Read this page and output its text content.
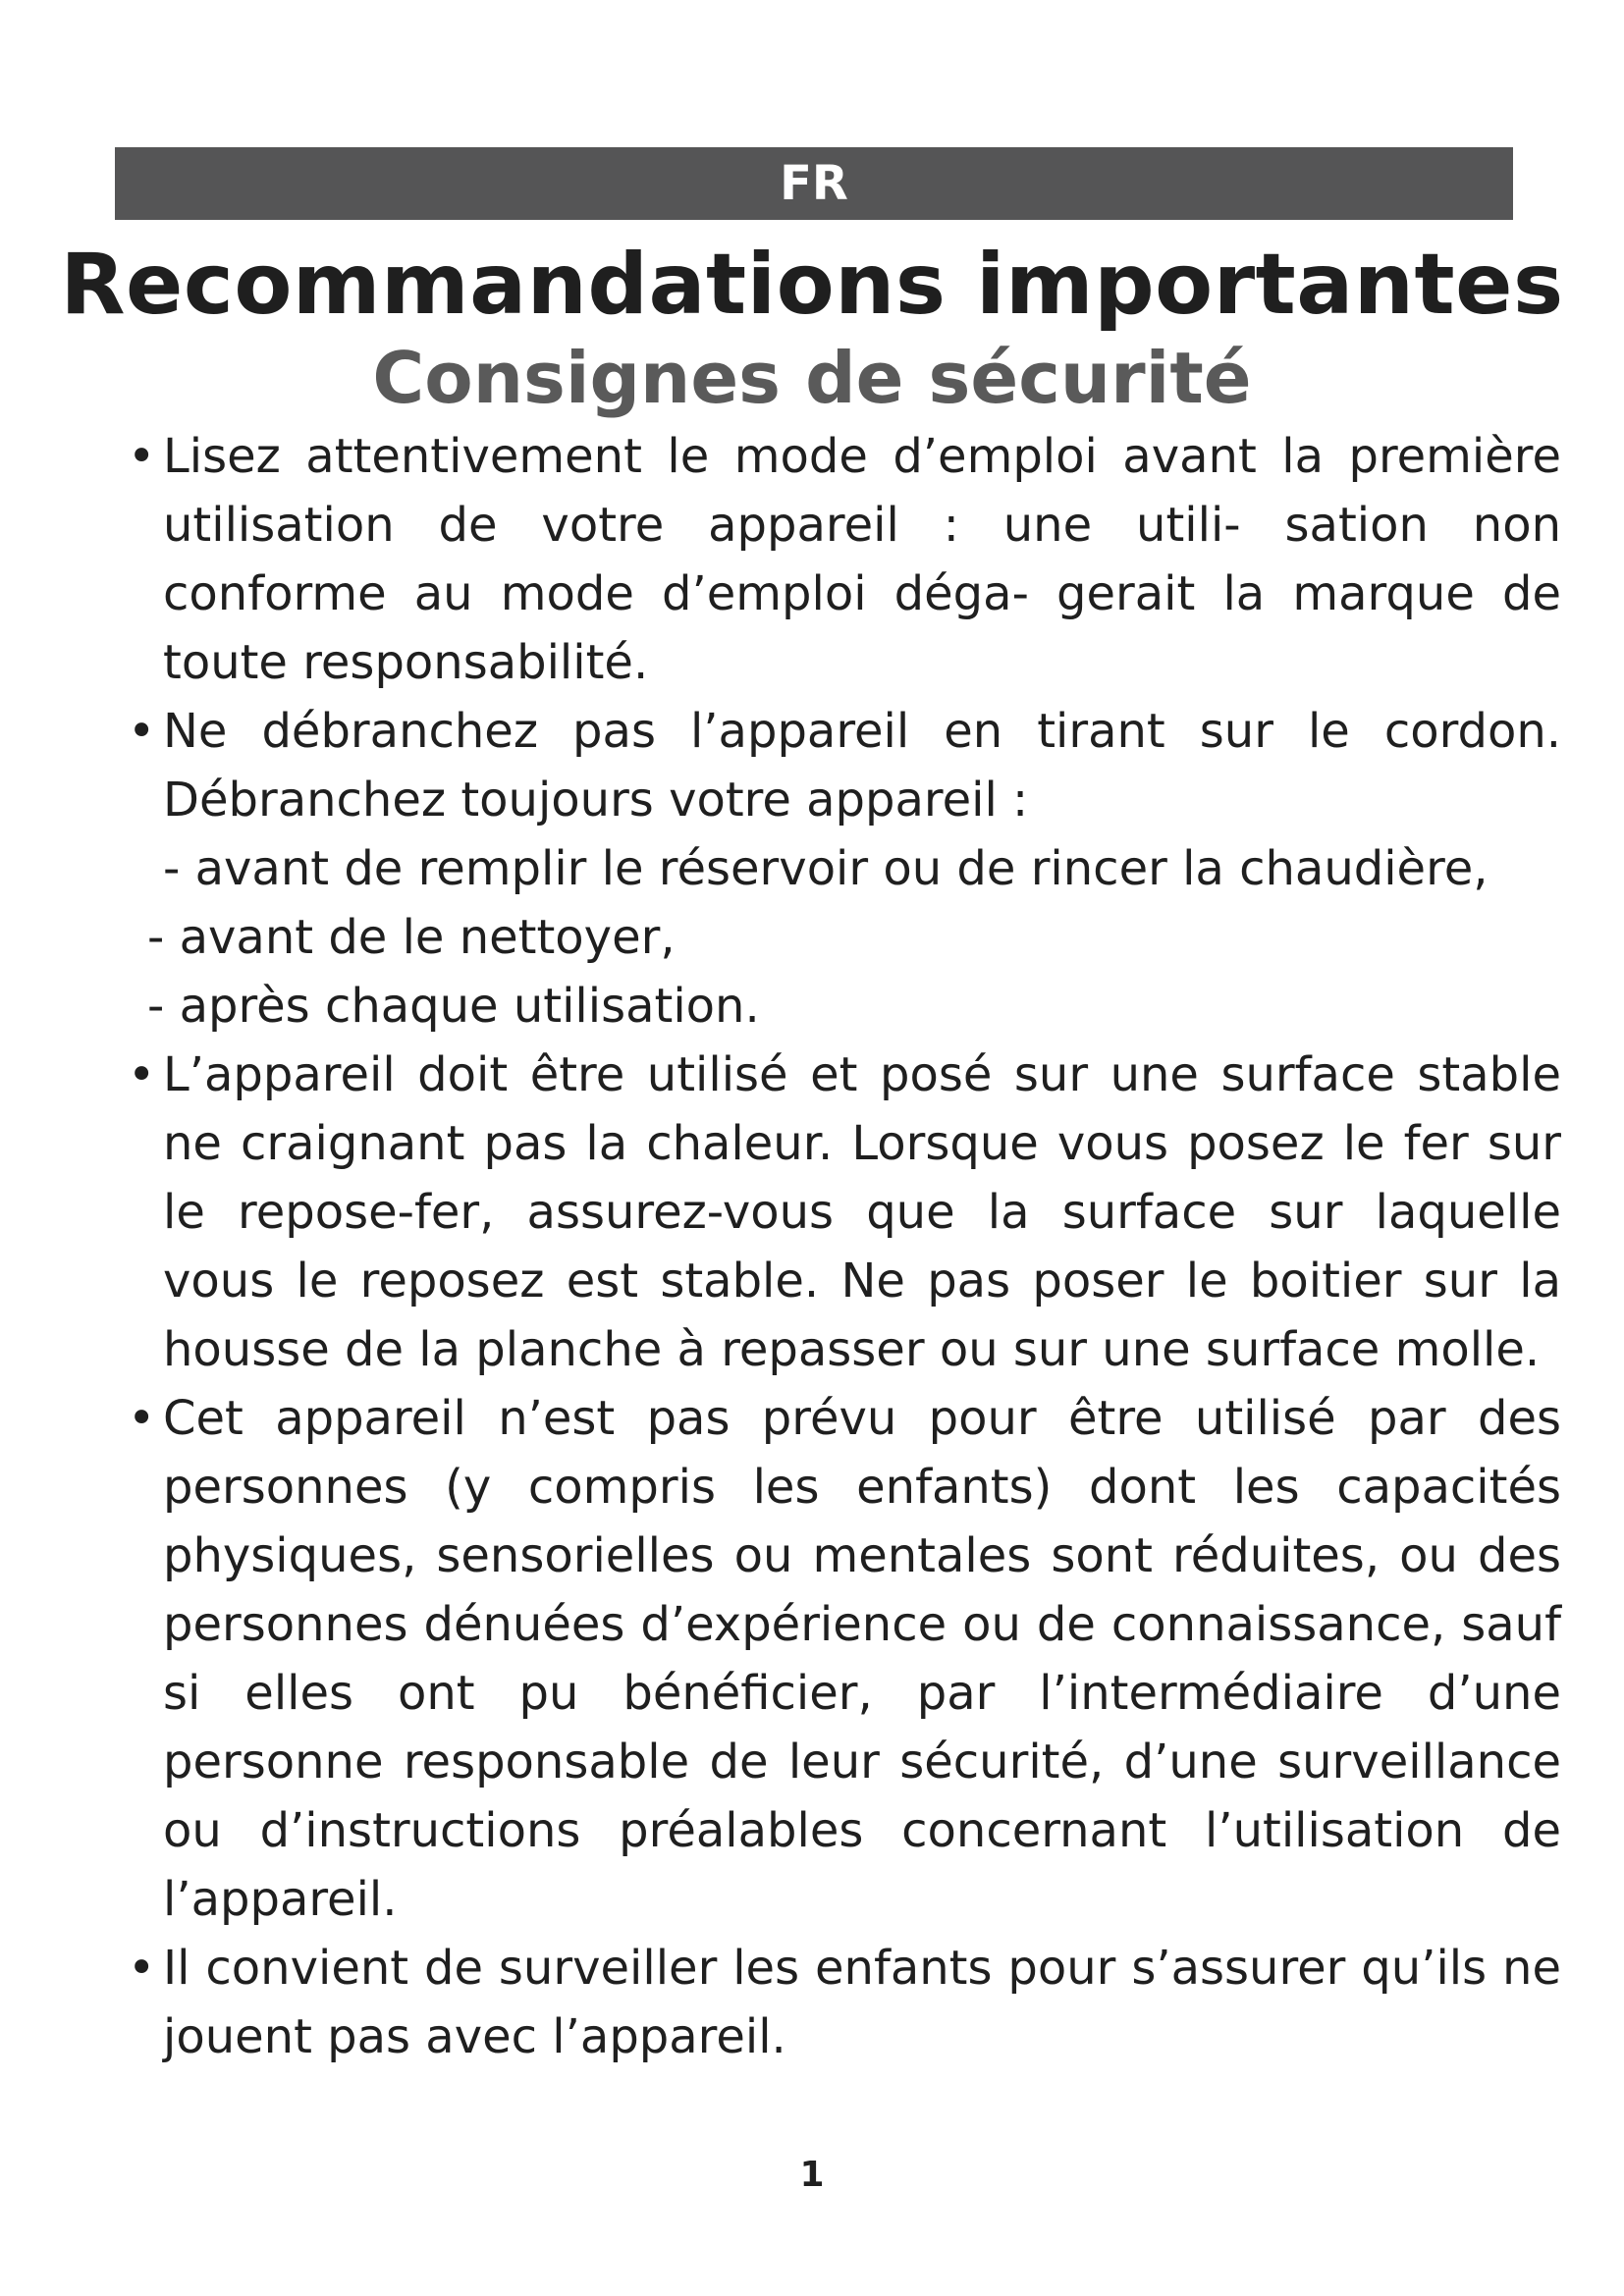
FR
Recommandations importantes
Consignes de sécurité
• Lisez attentivement le mode d’emploi avant la première utilisation de votre appareil : une utili- sation non conforme au mode d’emploi déga- gerait la marque de toute responsabilité.
• Ne débranchez pas l’appareil en tirant sur le cordon. Débranchez toujours votre appareil :
- avant de remplir le réservoir ou de rincer la chaudière,
- avant de le nettoyer,
- après chaque utilisation.
• L’appareil doit être utilisé et posé sur une surface stable ne craignant pas la chaleur. Lorsque vous posez le fer sur le repose-fer, assurez-vous que la surface sur laquelle vous le reposez est stable. Ne pas poser le boitier sur la housse de la planche à repasser ou sur une surface molle.
• Cet appareil n’est pas prévu pour être utilisé par des personnes (y compris les enfants) dont les capacités physiques, sensorielles ou mentales sont réduites, ou des personnes dénuées d’expérience ou de connaissance, sauf si elles ont pu bénéficier, par l’intermédiaire d’une personne responsable de leur sécurité, d’une surveillance ou d’instructions préalables concernant l’utilisation de l’appareil.
• Il convient de surveiller les enfants pour s’assurer qu’ils ne jouent pas avec l’appareil.
1
